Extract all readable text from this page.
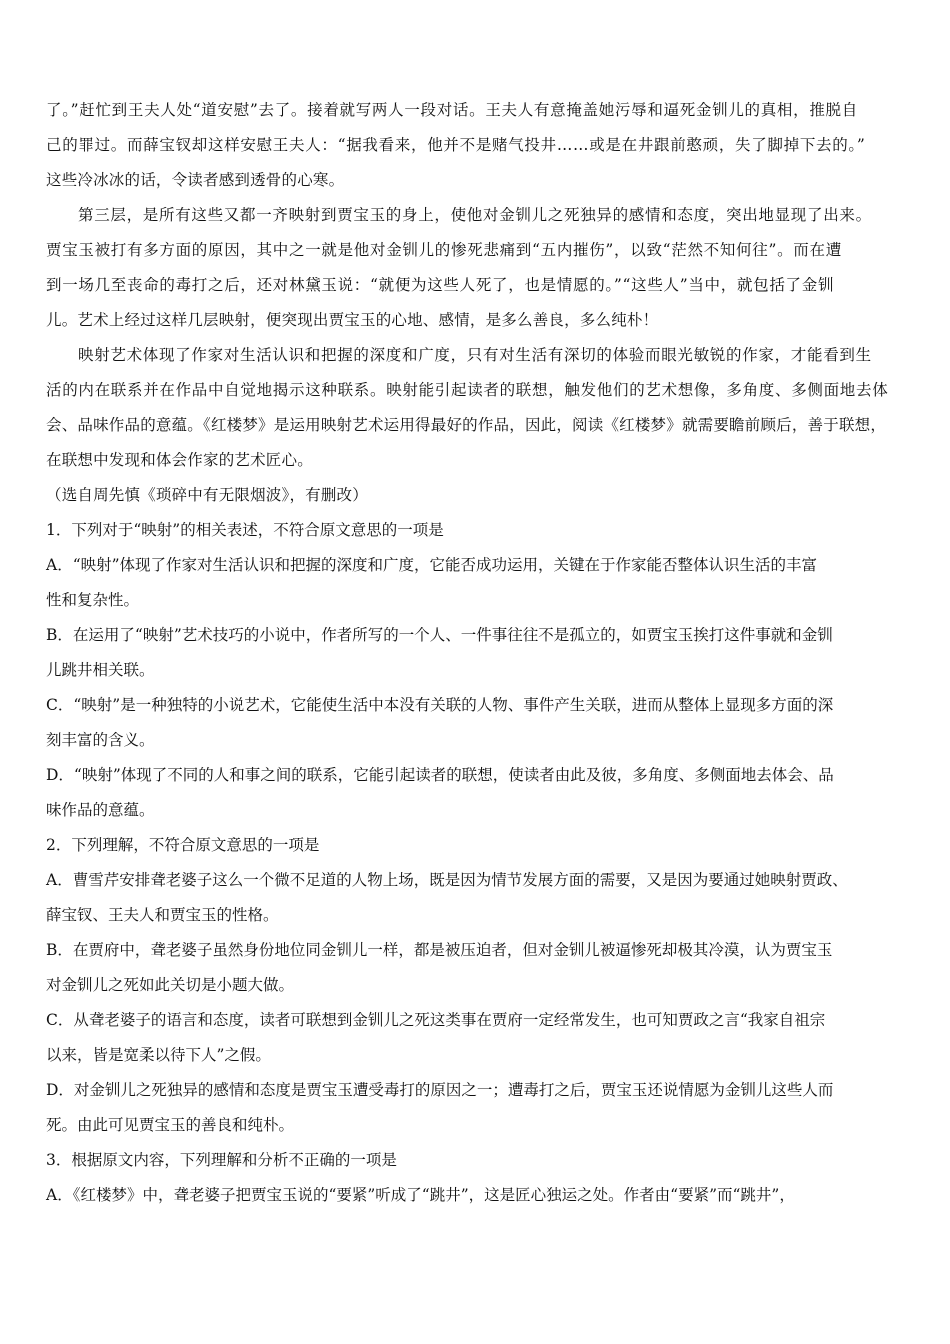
了。”赶忙到王夫人处“道安慰”去了。接着就写两人一段对话。王夫人有意掩盖她污辱和逼死金钏儿的真相，推脱自
己的罪过。而薛宝钗却这样安慰王夫人：“据我看来，他并不是赌气投井……或是在井跟前憨顽，失了脚掉下去的。”
这些冷冰冰的话，令读者感到透骨的心寒。
第三层，是所有这些又都一齐映射到贾宝玉的身上，使他对金钏儿之死独异的感情和态度，突出地显现了出来。
贾宝玉被打有多方面的原因，其中之一就是他对金钏儿的惨死悲痛到“五内摧伤”，以致“茫然不知何往”。而在遭
到一场几至丧命的毒打之后，还对林黛玉说：“就便为这些人死了，也是情愿的。”“这些人”当中，就包括了金钏
儿。艺术上经过这样几层映射，便突现出贾宝玉的心地、感情，是多么善良，多么纯朴！
映射艺术体现了作家对生活认识和把握的深度和广度，只有对生活有深切的体验而眼光敏锐的作家，才能看到生
活的内在联系并在作品中自觉地揭示这种联系。映射能引起读者的联想，触发他们的艺术想像，多角度、多侧面地去体
会、品味作品的意蕴。《红楼梦》是运用映射艺术运用得最好的作品，因此，阅读《红楼梦》就需要瞻前顾后，善于联想，
在联想中发现和体会作家的艺术匠心。
（选自周先慎《琐碎中有无限烟波》，有删改）
1．下列对于“映射”的相关表述，不符合原文意思的一项是
A．“映射”体现了作家对生活认识和把握的深度和广度，它能否成功运用，关键在于作家能否整体认识生活的丰富
性和复杂性。
B．在运用了“映射”艺术技巧的小说中，作者所写的一个人、一件事往往不是孤立的，如贾宝玉挨打这件事就和金钏
儿跳井相关联。
C．“映射”是一种独特的小说艺术，它能使生活中本没有关联的人物、事件产生关联，进而从整体上显现多方面的深
刻丰富的含义。
D．“映射”体现了不同的人和事之间的联系，它能引起读者的联想，使读者由此及彼，多角度、多侧面地去体会、品
味作品的意蕴。
2．下列理解，不符合原文意思的一项是
A．曹雪芹安排聋老婆子这么一个微不足道的人物上场，既是因为情节发展方面的需要，又是因为要通过她映射贾政、
薛宝钗、王夫人和贾宝玉的性格。
B．在贾府中，聋老婆子虽然身份地位同金钏儿一样，都是被压迫者，但对金钏儿被逼惨死却极其冷漠，认为贾宝玉
对金钏儿之死如此关切是小题大做。
C．从聋老婆子的语言和态度，读者可联想到金钏儿之死这类事在贾府一定经常发生，也可知贾政之言“我家自祖宗
以来，皆是宽柔以待下人”之假。
D．对金钏儿之死独异的感情和态度是贾宝玉遭受毒打的原因之一；遭毒打之后，贾宝玉还说情愿为金钏儿这些人而
死。由此可见贾宝玉的善良和纯朴。
3．根据原文内容，下列理解和分析不正确的一项是
A．《红楼梦》中，聋老婆子把贾宝玉说的“要紧”听成了“跳井”，这是匠心独运之处。作者由“要紧”而“跳井”，
